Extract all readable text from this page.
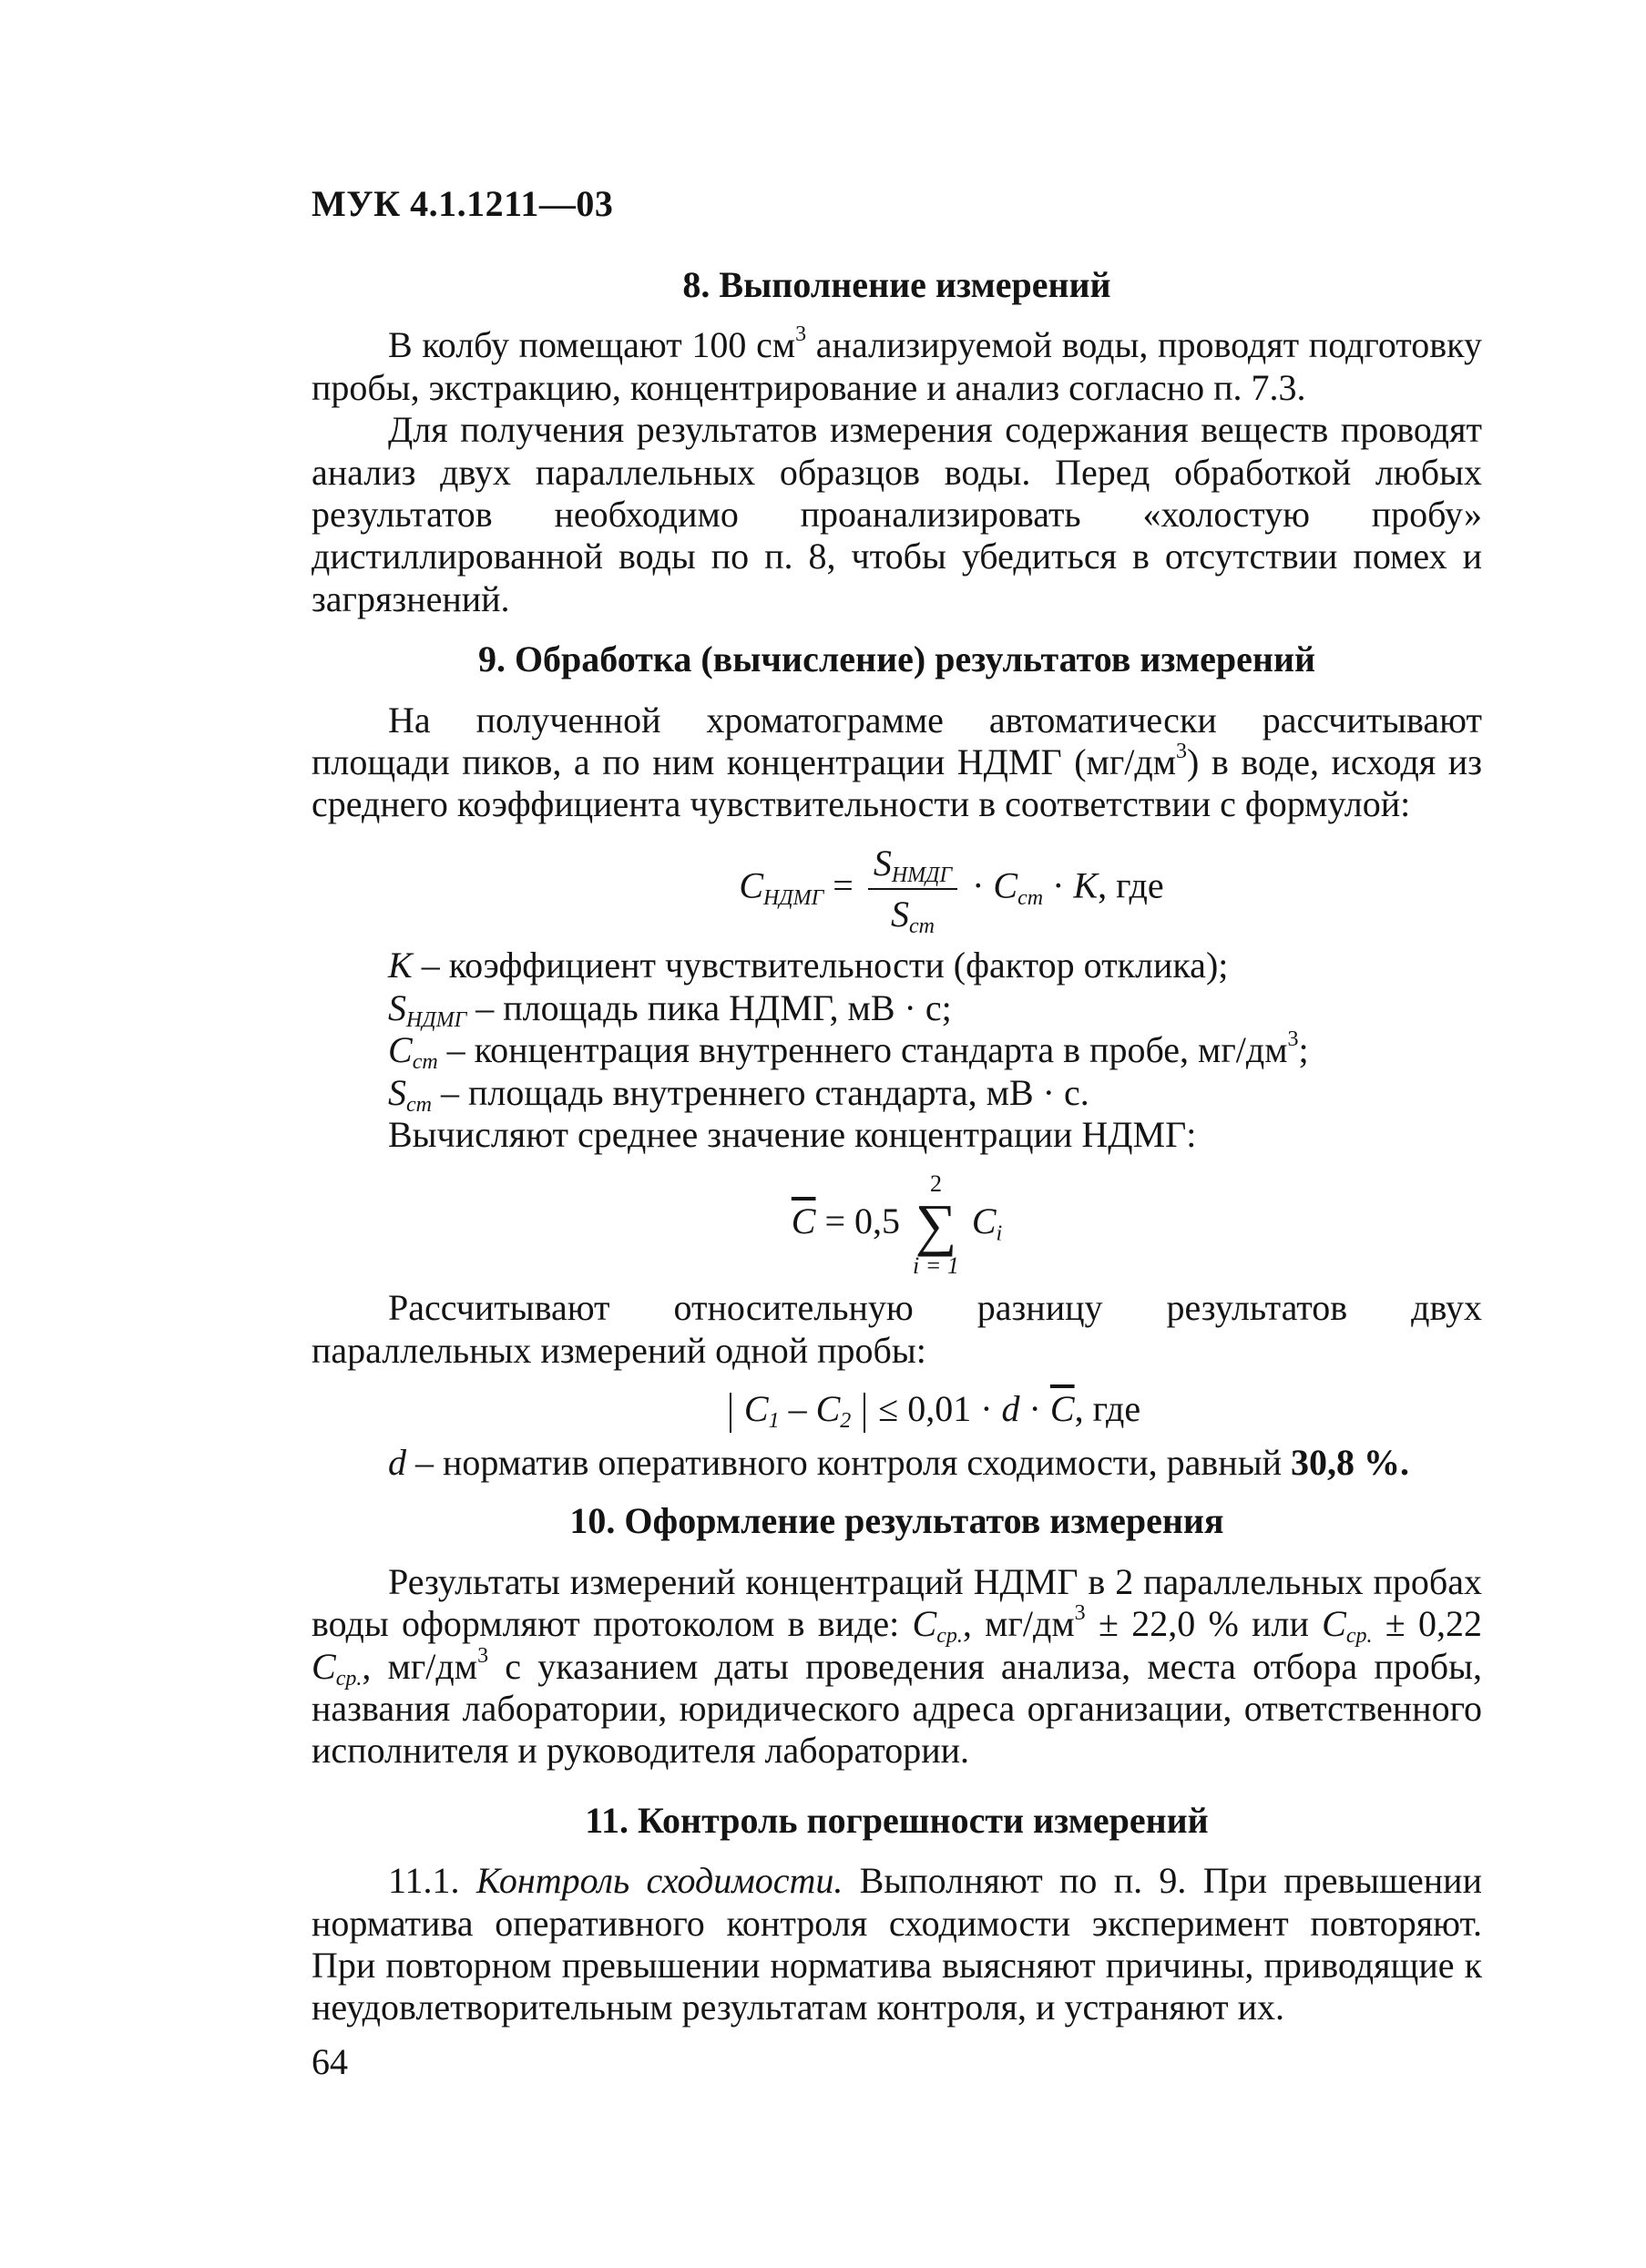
МУК 4.1.1211—03
8. Выполнение измерений

В колбу помещают 100 $см^3$ анализируемой воды, проводят подготовку пробы, экстракцию, концентрирование и анализ согласно п. 7.3.

Для получения результатов измерения содержания веществ проводят анализ двух параллельных образцов воды. Перед обработкой любых результатов необходимо проанализировать «холостую пробу» дистиллированной воды по п. 8, чтобы убедиться в отсутствии помех и загрязнений.

9. Обработка (вычисление) результатов измерений

На полученной хроматограмме автоматически рассчитывают площади пиков, а по ним концентрации НДМГ $(мг/дм^3)$ в воде, исходя из среднего коэффициента чувствительности в соответствии с формулой:

$C_{НДМГ} = \frac{S_{НМДГ}}{S_{cm}} \cdot C_{cm} \cdot K$, где
K – коэффициент чувствительности (фактор отклика);
$S_{НДМГ}$ – площадь пика НДМГ, мВ · с;
$C_{cm}$ – концентрация внутреннего стандарта в пробе, $мг/дм^3$;
$S_{cm}$ – площадь внутреннего стандарта, мВ · с.

Вычисляют среднее значение концентрации НДМГ:

$\overline{C} = 0,5$
2
∑
i = 1
$C_i$

Рассчитывают относительную разницу результатов двух параллельных измерений одной пробы:

$C_1 - C_2 \le 0,01 \cdot d \cdot \overline{C}$, где
d – норматив оперативного контроля сходимости, равный 30,8 %.
10. Оформление результатов измерения

Результаты измерений концентраций НДМГ в 2 параллельных пробах воды оформляют протоколом в виде: $C_{ср.}$, $мг/дм^3 \pm 22,0$ % или $C_{ср.} \pm 0,22$ $C_{ср.}$, $мг/дм^3$ с указанием даты проведения анализа, места отбора пробы, названия лаборатории, юридического адреса организации, ответственного исполнителя и руководителя лаборатории.

11. Контроль погрешности измерений

11.1. Контроль сходимости. Выполняют по п. 9. При превышении норматива оперативного контроля сходимости эксперимент повторяют. При повторном превышении норматива выясняют причины, приводящие к неудовлетворительным результатам контроля, и устраняют их.

64
